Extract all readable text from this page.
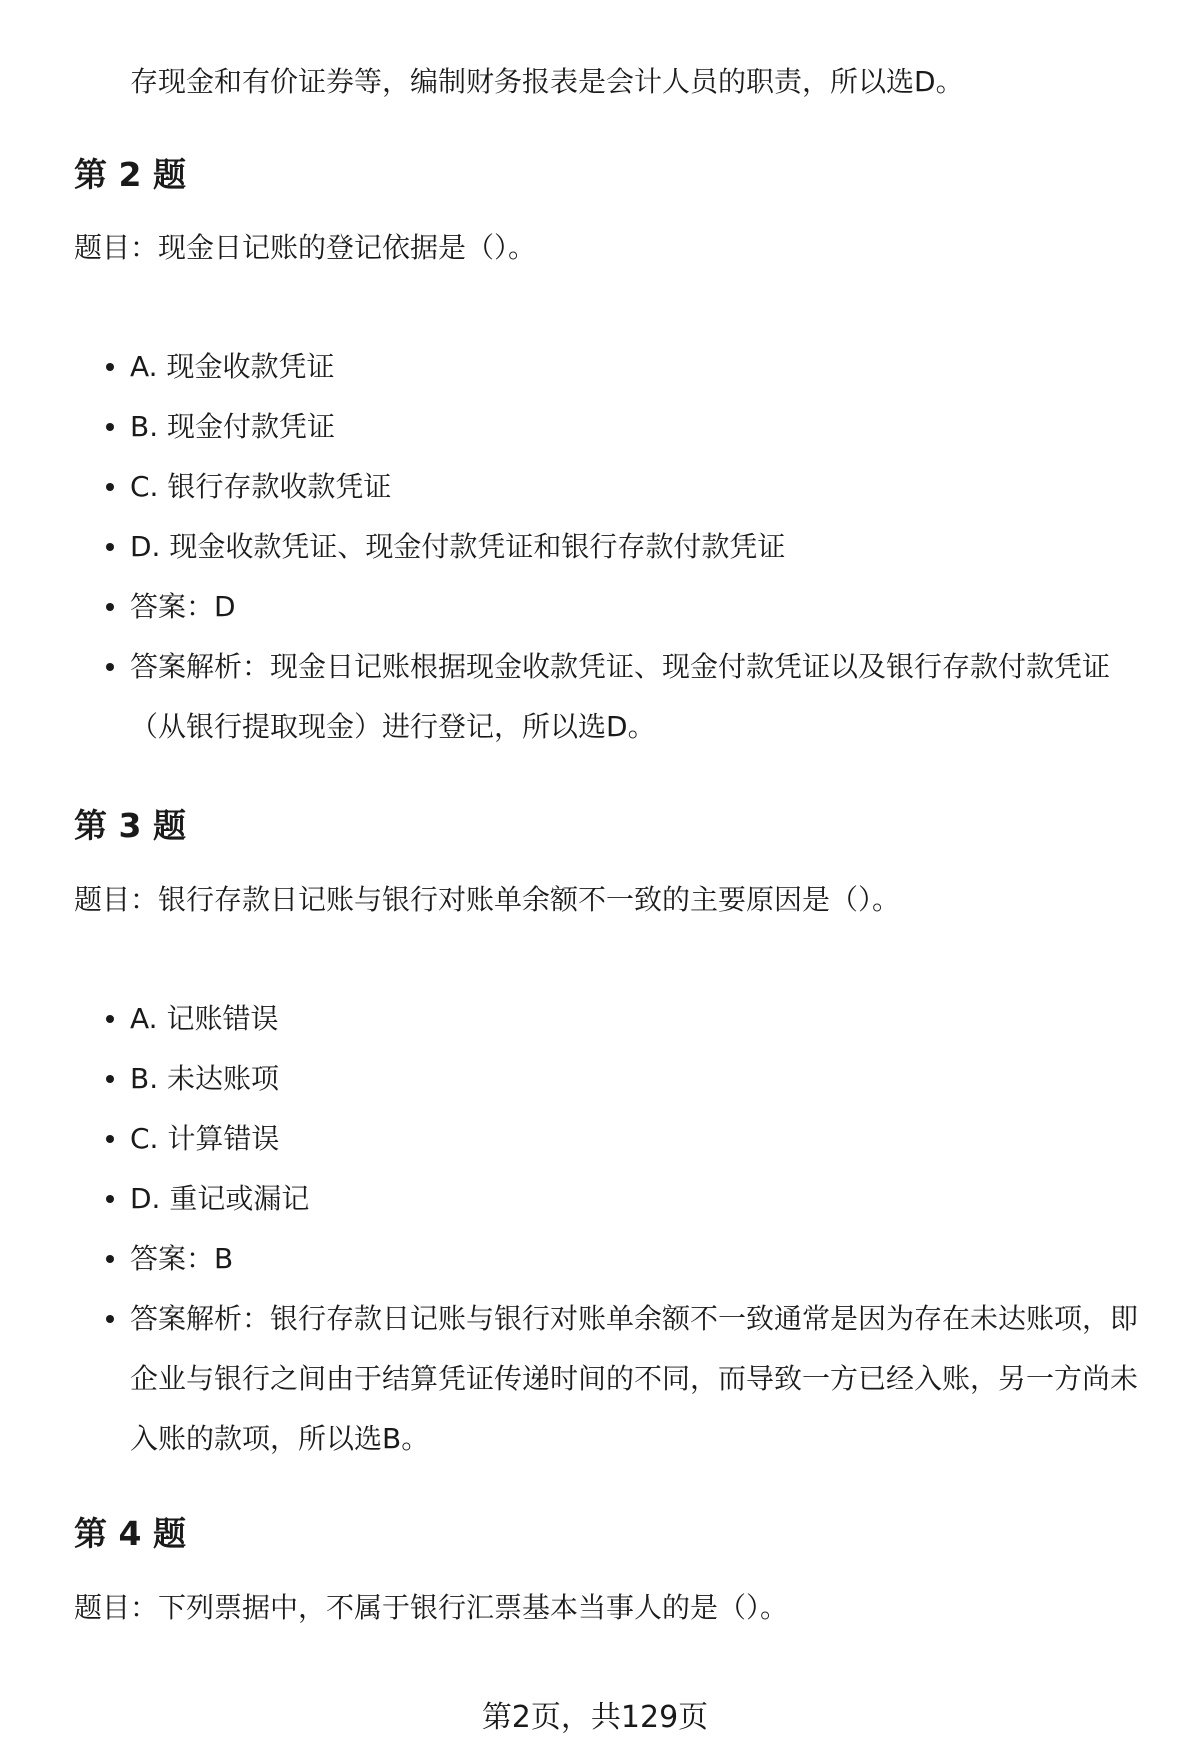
存现金和有价证券等，编制财务报表是会计人员的职责，所以选D。
第 2 题
题目：现金日记账的登记依据是（）。
A. 现金收款凭证
B. 现金付款凭证
C. 银行存款收款凭证
D. 现金收款凭证、现金付款凭证和银行存款付款凭证
答案：D
答案解析：现金日记账根据现金收款凭证、现金付款凭证以及银行存款付款凭证（从银行提取现金）进行登记，所以选D。
第 3 题
题目：银行存款日记账与银行对账单余额不一致的主要原因是（）。
A. 记账错误
B. 未达账项
C. 计算错误
D. 重记或漏记
答案：B
答案解析：银行存款日记账与银行对账单余额不一致通常是因为存在未达账项，即企业与银行之间由于结算凭证传递时间的不同，而导致一方已经入账，另一方尚未入账的款项，所以选B。
第 4 题
题目：下列票据中，不属于银行汇票基本当事人的是（）。
第2页，共129页
